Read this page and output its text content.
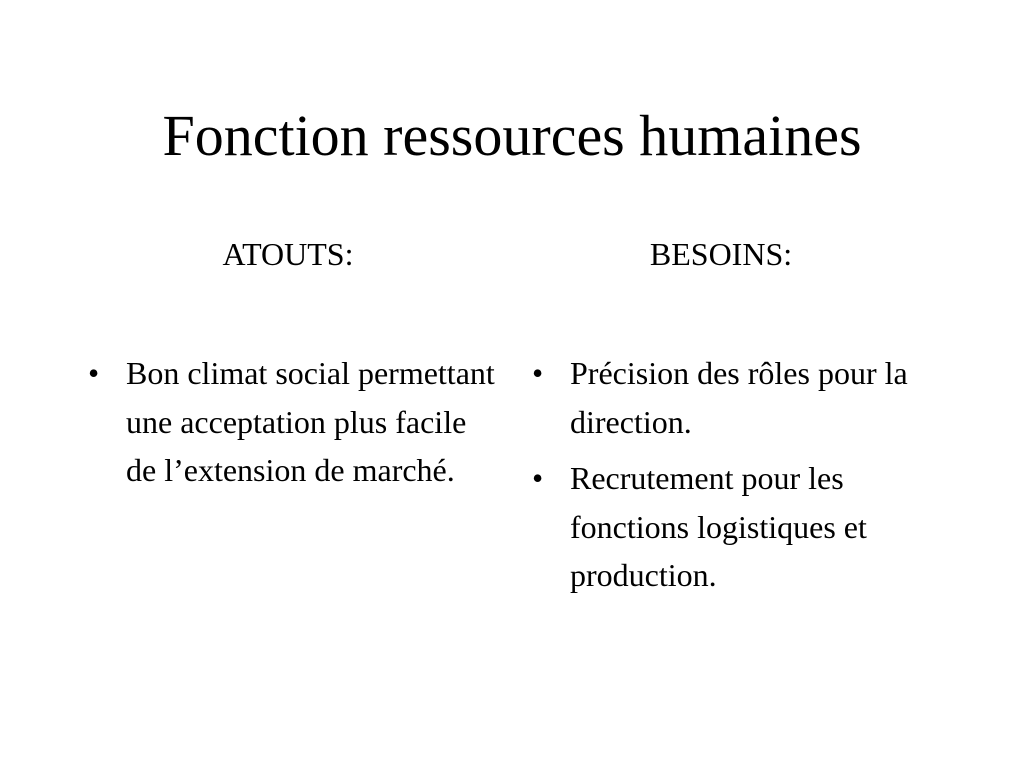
Fonction ressources humaines
ATOUTS:
• Bon climat social permettant une acceptation plus facile de l’extension de marché.
BESOINS:
• Précision des rôles pour la direction.
• Recrutement pour les fonctions logistiques et production.
